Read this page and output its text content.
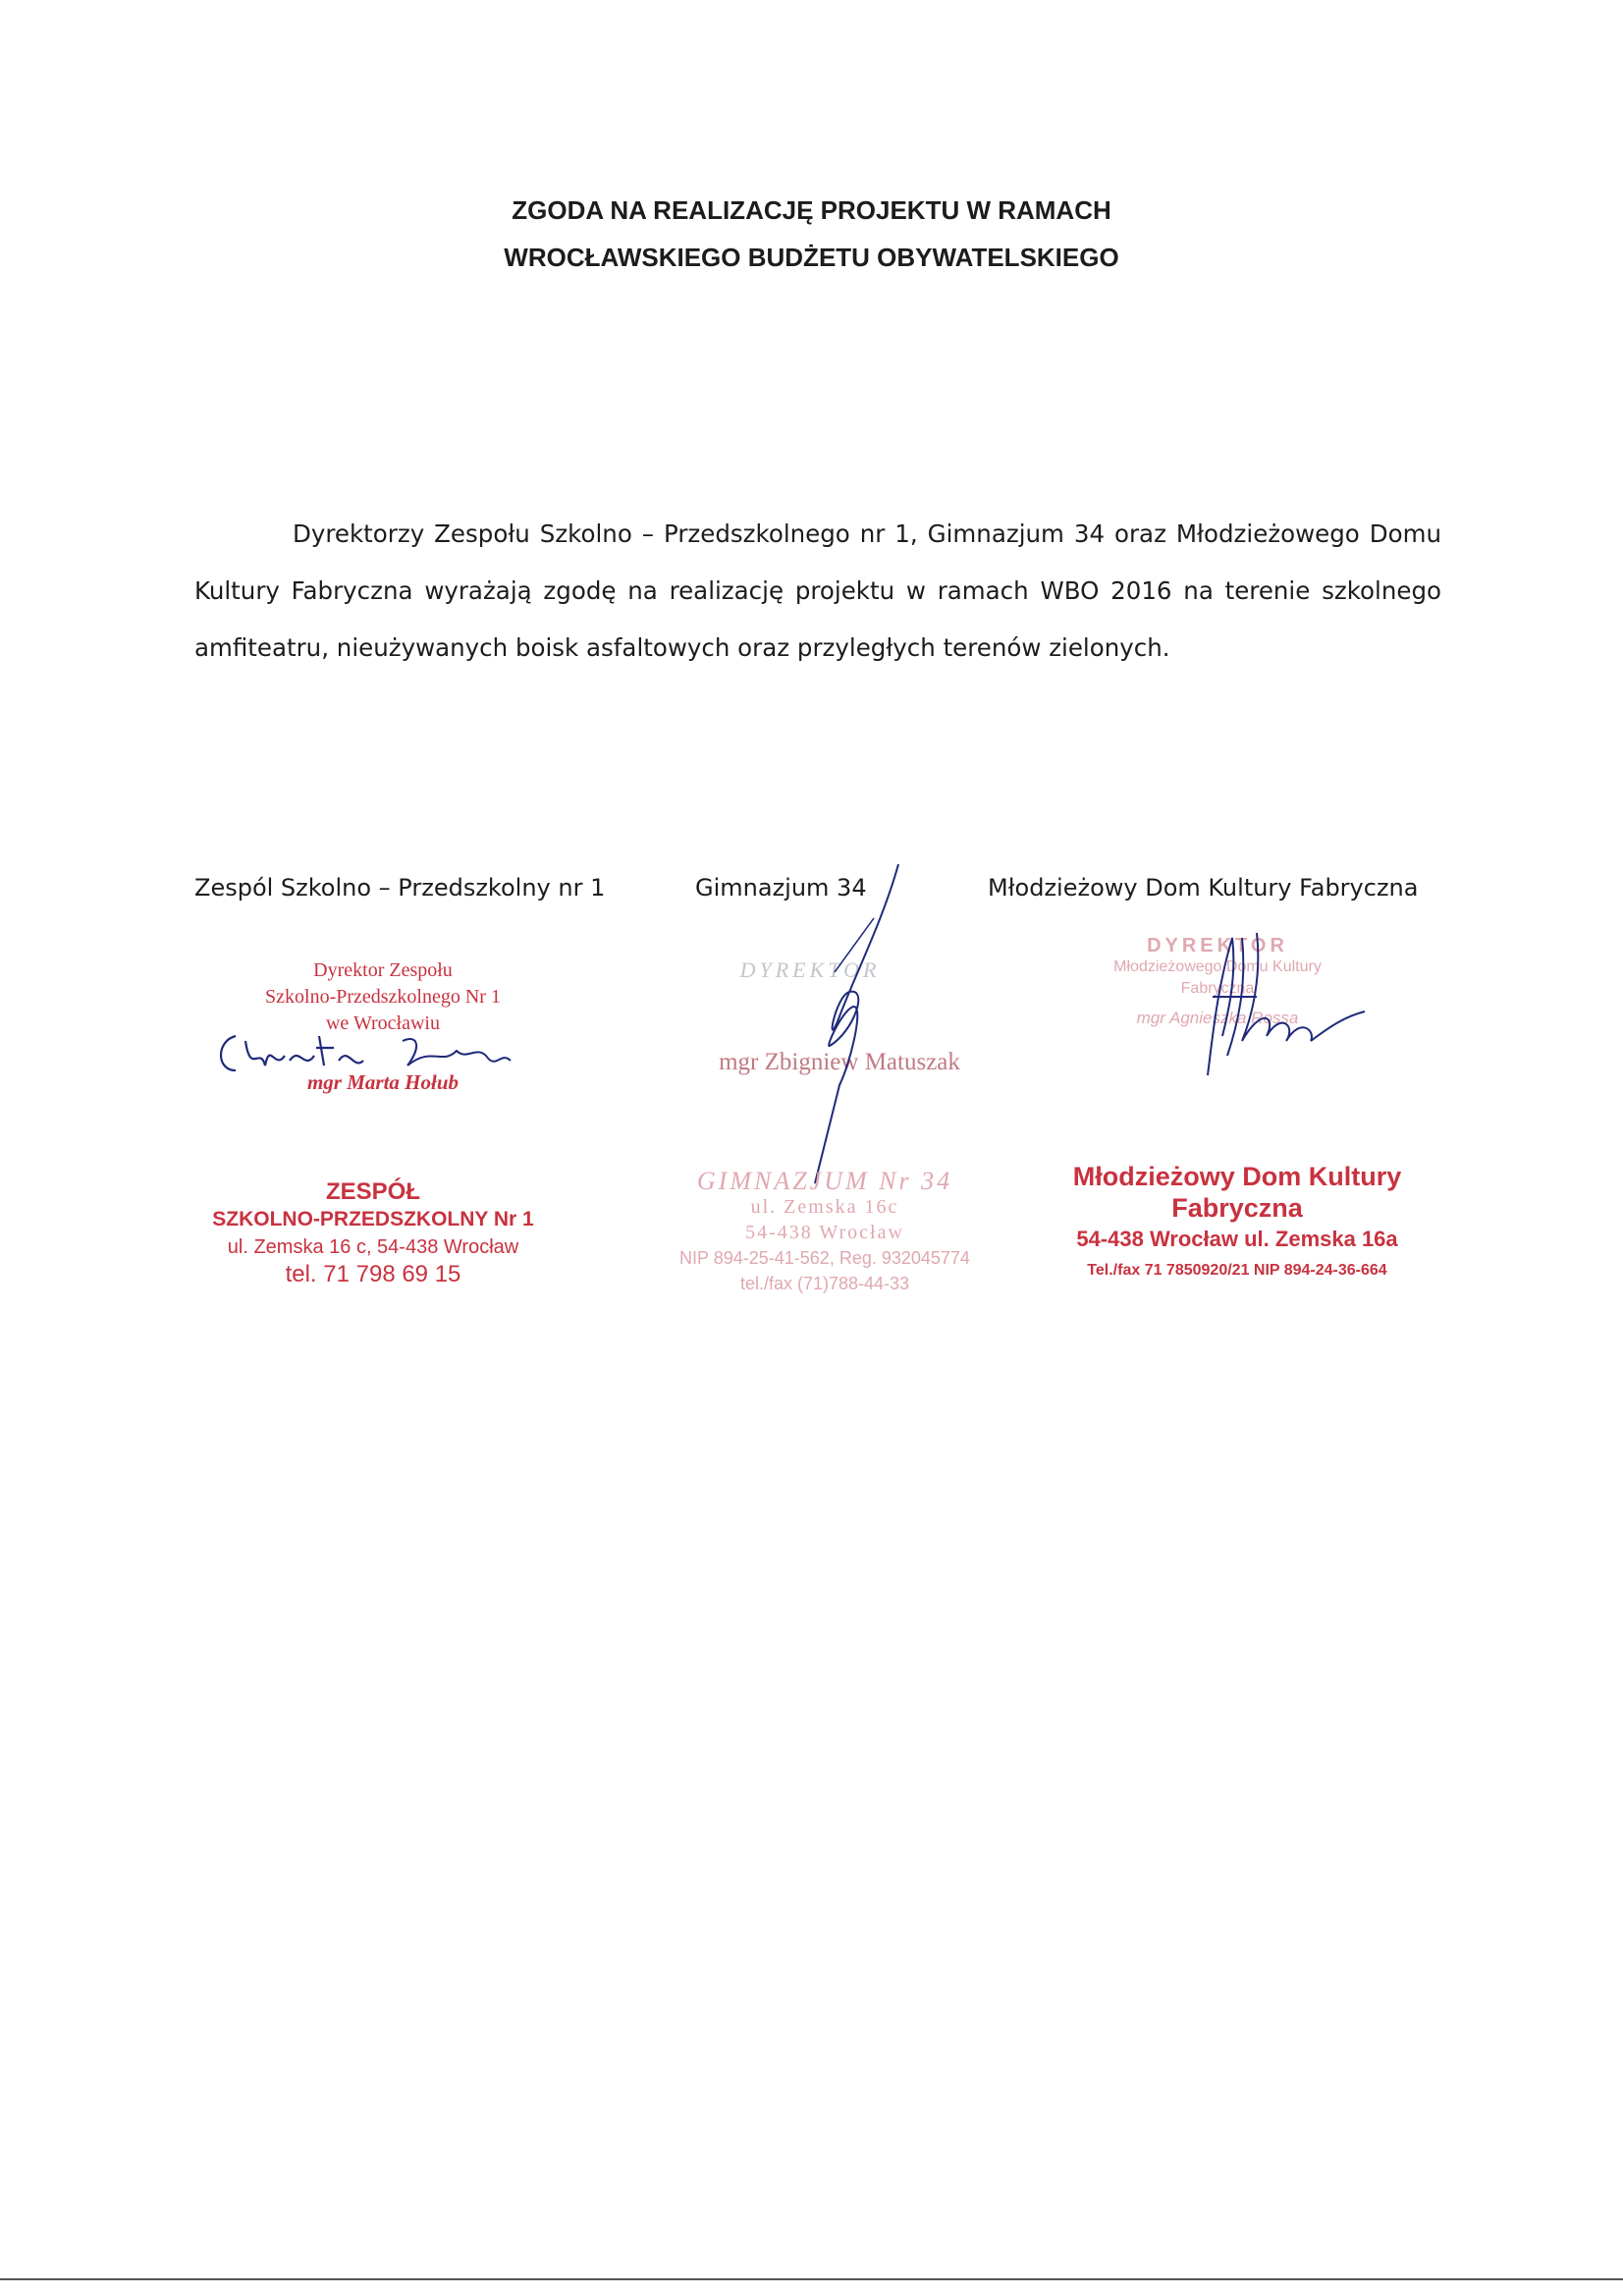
ZGODA NA REALIZACJĘ PROJEKTU W RAMACH
WROCŁAWSKIEGO BUDŻETU OBYWATELSKIEGO

Dyrektorzy Zespołu Szkolno – Przedszkolnego nr 1, Gimnazjum 34 oraz Młodzieżowego Domu Kultury Fabryczna wyrażają zgodę na realizację projektu w ramach WBO 2016 na terenie szkolnego amfiteatru, nieużywanych boisk asfaltowych oraz przyległych terenów zielonych.

Zespól Szkolno – Przedszkolny nr 1	Gimnazjum 34	Młodzieżowy Dom Kultury Fabryczna
Dyrektor Zespołu
Szkolno-Przedszkolnego Nr 1
we Wrocławiu
Marta Hołub
mgr Marta Hołub
ZESPÓŁ
SZKOLNO-PRZEDSZKOLNY Nr 1
ul. Zemska 16 c, 54-438 Wrocław
tel. 71 798 69 15
DYREKTOR
mgr Zbigniew Matuszak
GIMNAZJUM Nr 34
ul. Zemska 16c
54-438 Wrocław
NIP 894-25-41-562, Reg. 932045774
tel./fax (71)788-44-33
DYREKTOR
Młodzieżowego Domu Kultury
Fabryczna
mgr Agnieszka Rossa
Młodzieżowy Dom Kultury
Fabryczna
54-438 Wrocław ul. Zemska 16a
Tel./fax 71 7850920/21 NIP 894-24-36-664
